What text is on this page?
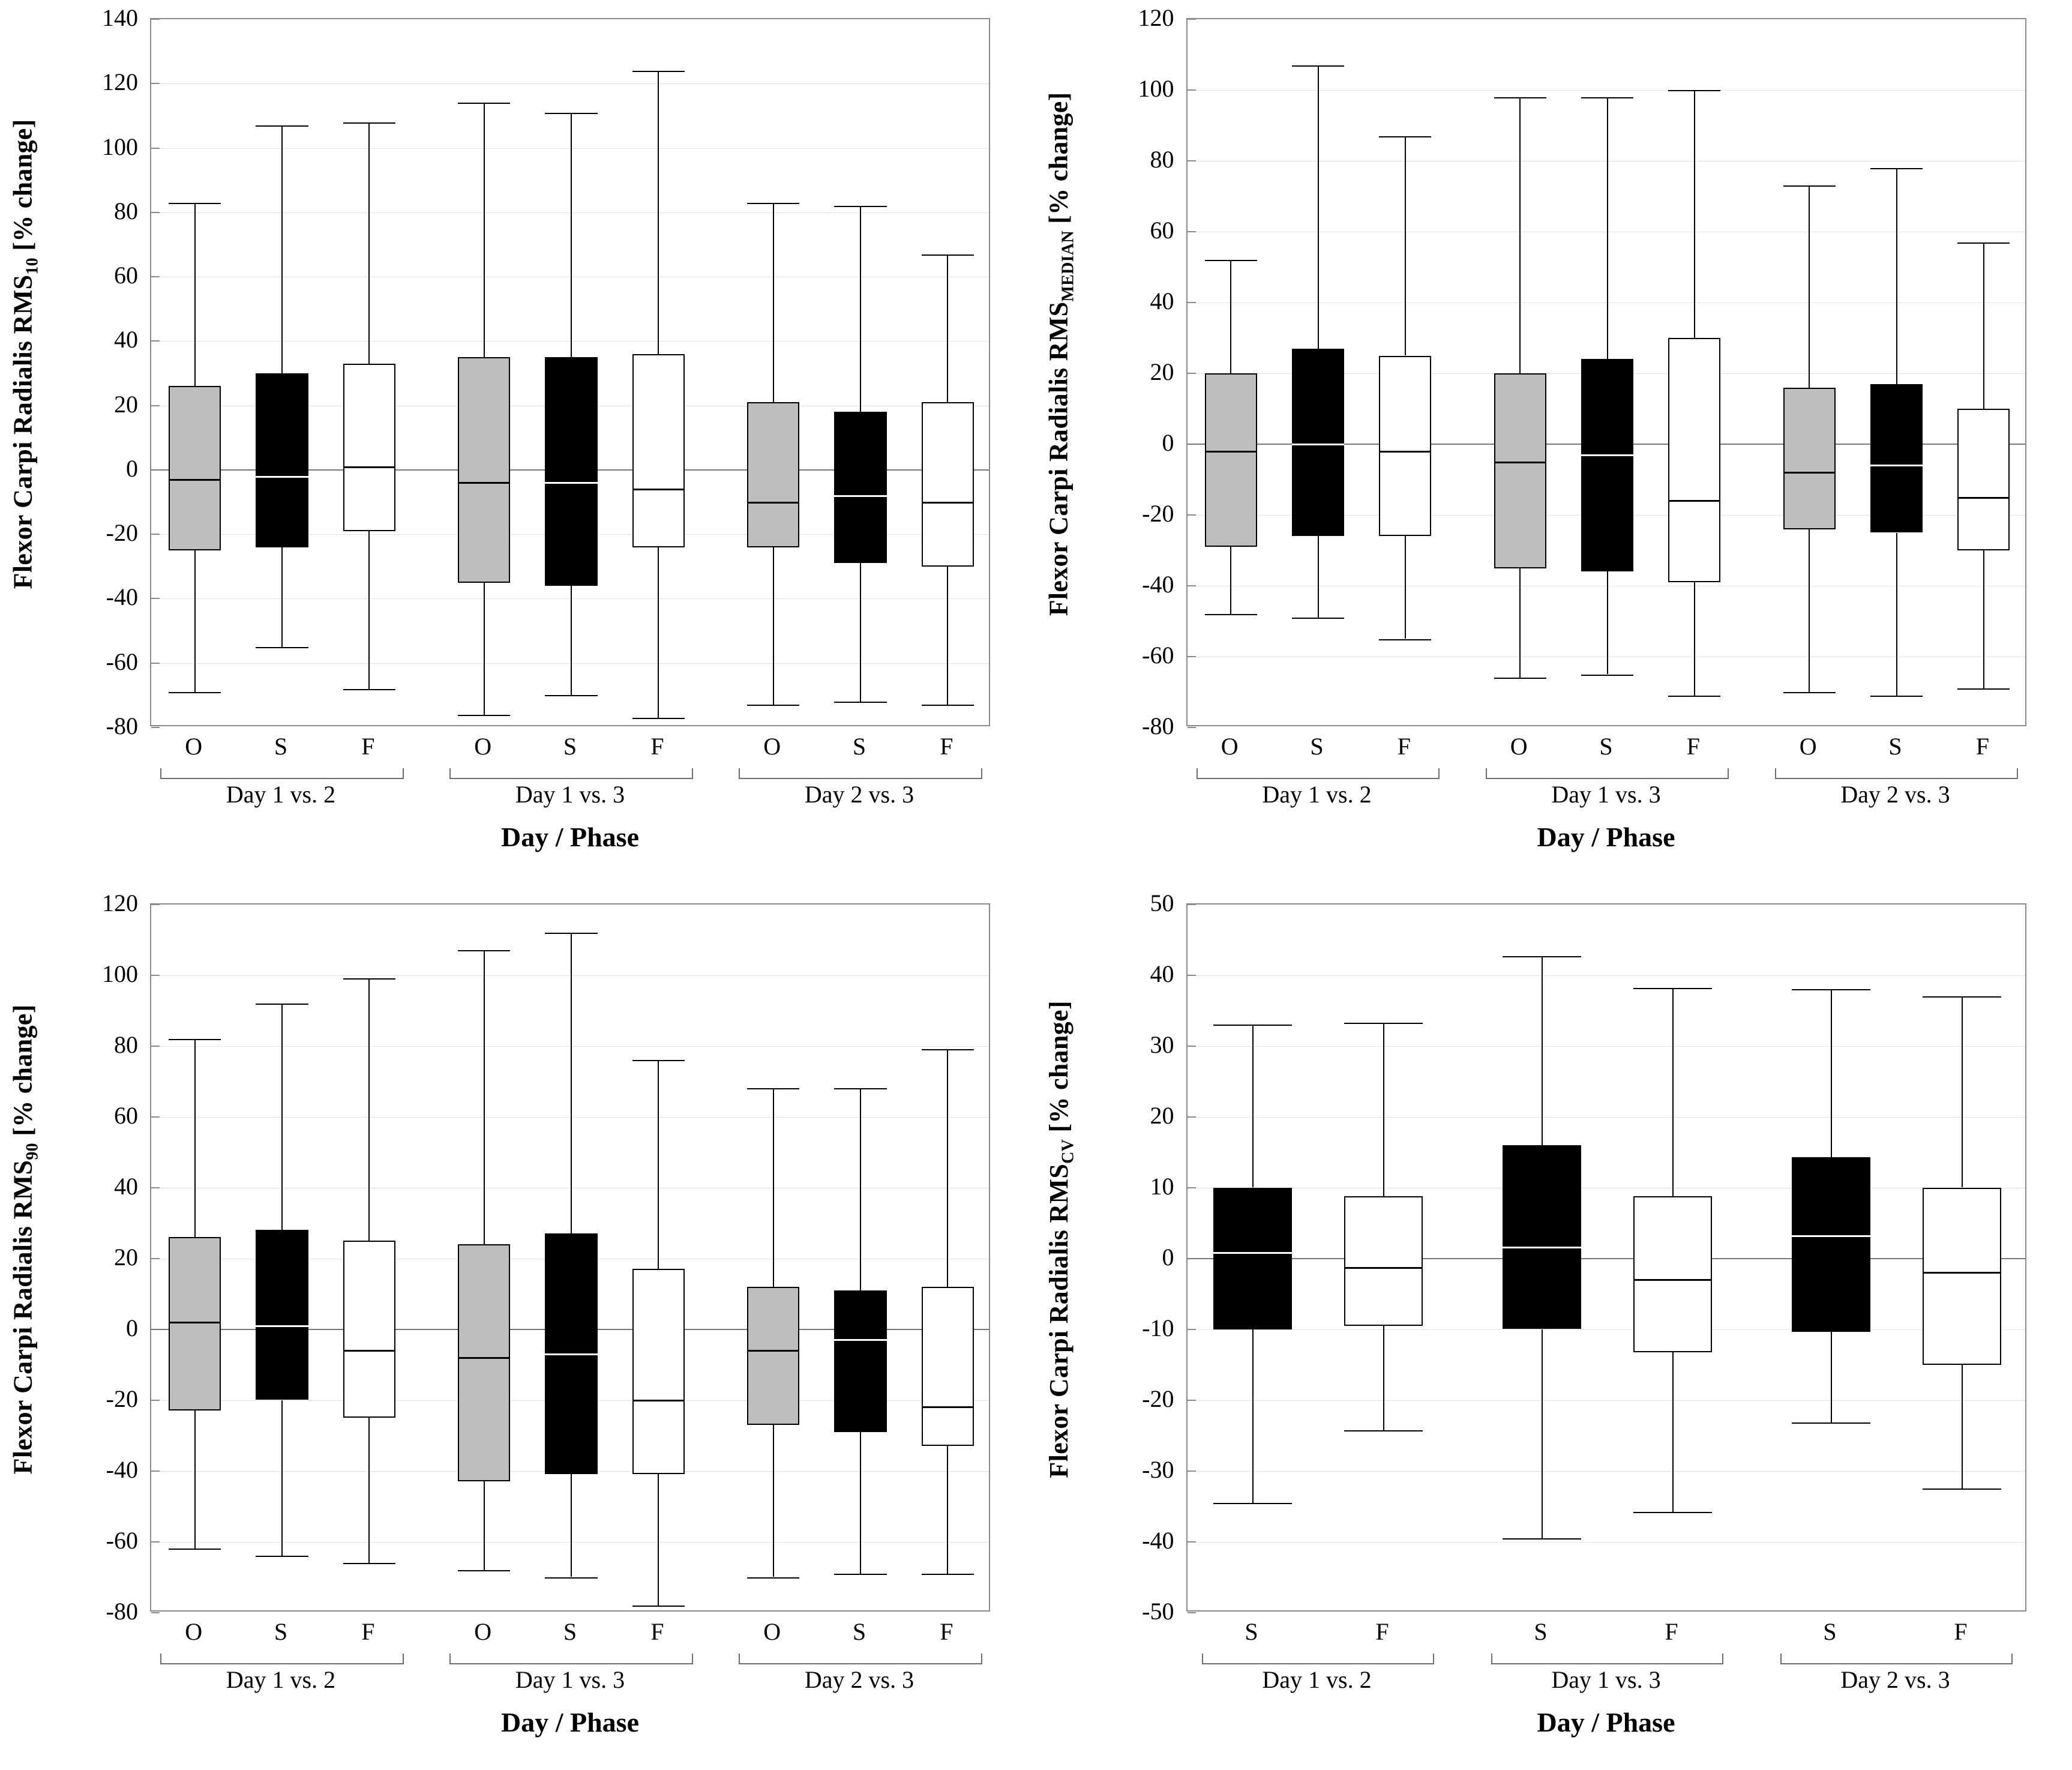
Flexor Carpi Radialis $RMS_{10}$ [% change]
-80
-60
-40
-20
0
20
40
60
80
100
120
140
O	S	F	O	S	F	O	S	F
Day 1 vs. 2	Day 1 vs. 3	Day 2 vs. 3
Day / Phase
Flexor Carpi Radialis $RMS_{MEDIAN}$ [% change]
-80
-60
-40
-20
0
20
40
60
80
100
120
O	S	F	O	S	F	O	S	F
Day 1 vs. 2	Day 1 vs. 3	Day 2 vs. 3
Day / Phase
Flexor Carpi Radialis $RMS_{90}$ [% change]
-80
-60
-40
-20
0
20
40
60
80
100
120
O	S	F	O	S	F	O	S	F
Day 1 vs. 2	Day 1 vs. 3	Day 2 vs. 3
Day / Phase
Flexor Carpi Radialis $RMS_{CV}$ [% change]
-50
-40
-30
-20
-10
0
10
20
30
40
50
S	F	S	F	S	F
Day 1 vs. 2	Day 1 vs. 3	Day 2 vs. 3
Day / Phase
